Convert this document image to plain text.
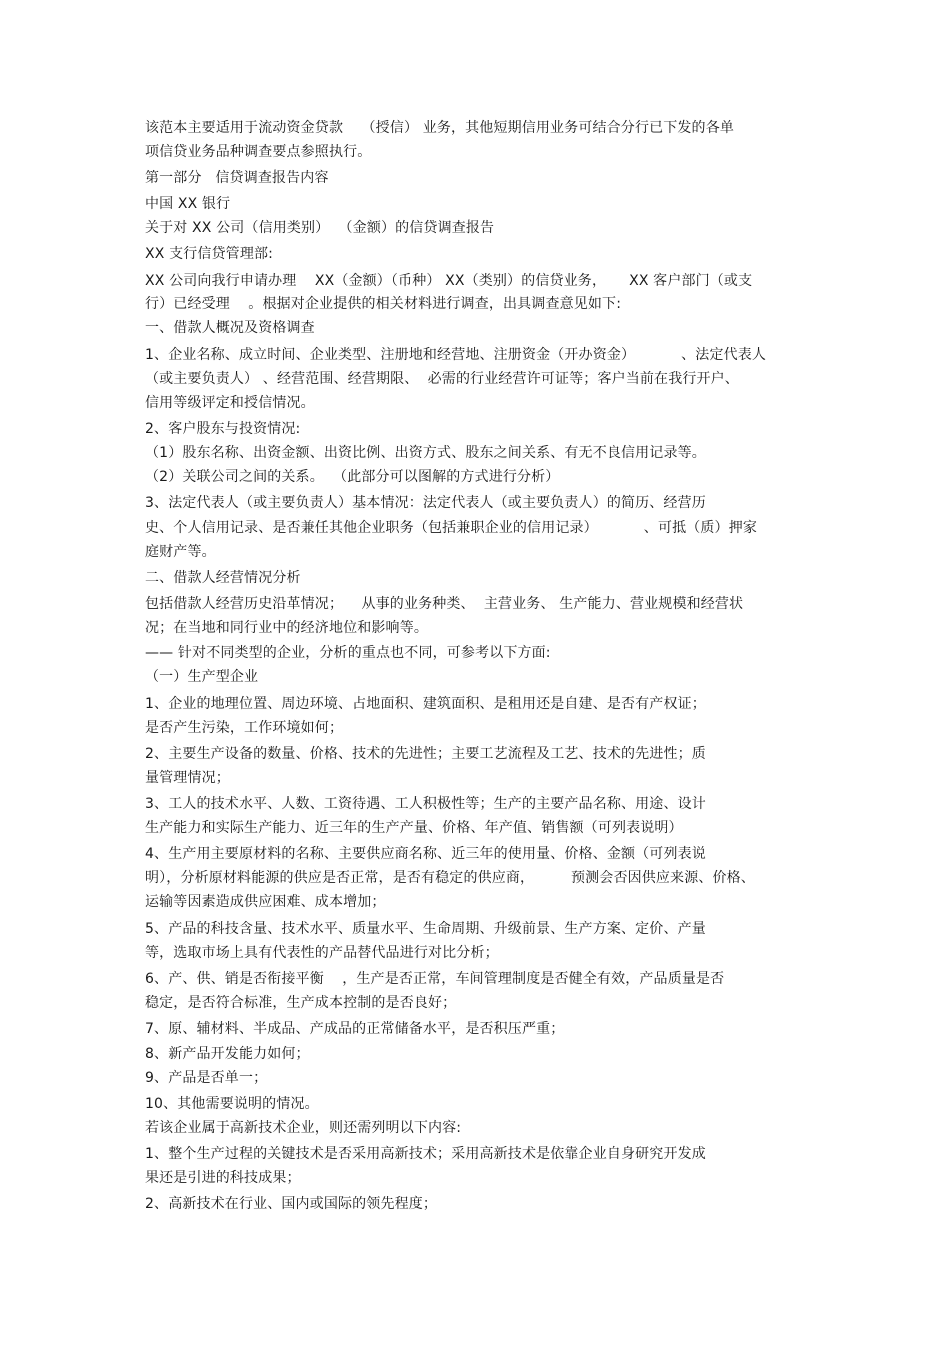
该范本主要适用于流动资金贷款    （授信） 业务，其他短期信用业务可结合分行已下发的各单
项信贷业务品种调查要点参照执行。
第一部分   信贷调查报告内容
中国 XX 银行
关于对 XX 公司（信用类别）  （金额）的信贷调查报告
XX 支行信贷管理部:
XX 公司向我行申请办理    XX（金额）（币种） XX（类别）的信贷业务，     XX 客户部门（或支
行）已经受理    。根据对企业提供的相关材料进行调查，出具调查意见如下:
一、借款人概况及资格调查
1、企业名称、成立时间、企业类型、注册地和经营地、注册资金（开办资金）          、法定代表人
（或主要负责人） 、经营范围、经营期限、  必需的行业经营许可证等；客户当前在我行开户、
信用等级评定和授信情况。
2、客户股东与投资情况:
（1）股东名称、出资金额、出资比例、出资方式、股东之间关系、有无不良信用记录等。
（2）关联公司之间的关系。  （此部分可以图解的方式进行分析）
3、法定代表人（或主要负责人）基本情况：法定代表人（或主要负责人）的简历、经营历
史、个人信用记录、是否兼任其他企业职务（包括兼职企业的信用记录）          、可抵（质）押家
庭财产等。
二、借款人经营情况分析
包括借款人经营历史沿革情况；    从事的业务种类、  主营业务、 生产能力、营业规模和经营状
况；在当地和同行业中的经济地位和影响等。
—— 针对不同类型的企业，分析的重点也不同，可参考以下方面:
（一）生产型企业
1、企业的地理位置、周边环境、占地面积、建筑面积、是租用还是自建、是否有产权证；
是否产生污染，工作环境如何；
2、主要生产设备的数量、价格、技术的先进性；主要工艺流程及工艺、技术的先进性；质
量管理情况；
3、工人的技术水平、人数、工资待遇、工人积极性等；生产的主要产品名称、用途、设计
生产能力和实际生产能力、近三年的生产产量、价格、年产值、销售额（可列表说明）
4、生产用主要原材料的名称、主要供应商名称、近三年的使用量、价格、金额（可列表说
明），分析原材料能源的供应是否正常，是否有稳定的供应商，        预测会否因供应来源、价格、
运输等因素造成供应困难、成本增加；
5、产品的科技含量、技术水平、质量水平、生命周期、升级前景、生产方案、定价、产量
等，选取市场上具有代表性的产品替代品进行对比分析；
6、产、供、销是否衔接平衡    ，生产是否正常，车间管理制度是否健全有效，产品质量是否
稳定，是否符合标准，生产成本控制的是否良好；
7、原、辅材料、半成品、产成品的正常储备水平，是否积压严重；
8、新产品开发能力如何；
9、产品是否单一；
10、其他需要说明的情况。
若该企业属于高新技术企业，则还需列明以下内容:
1、整个生产过程的关键技术是否采用高新技术；采用高新技术是依靠企业自身研究开发成
果还是引进的科技成果；
2、高新技术在行业、国内或国际的领先程度；
